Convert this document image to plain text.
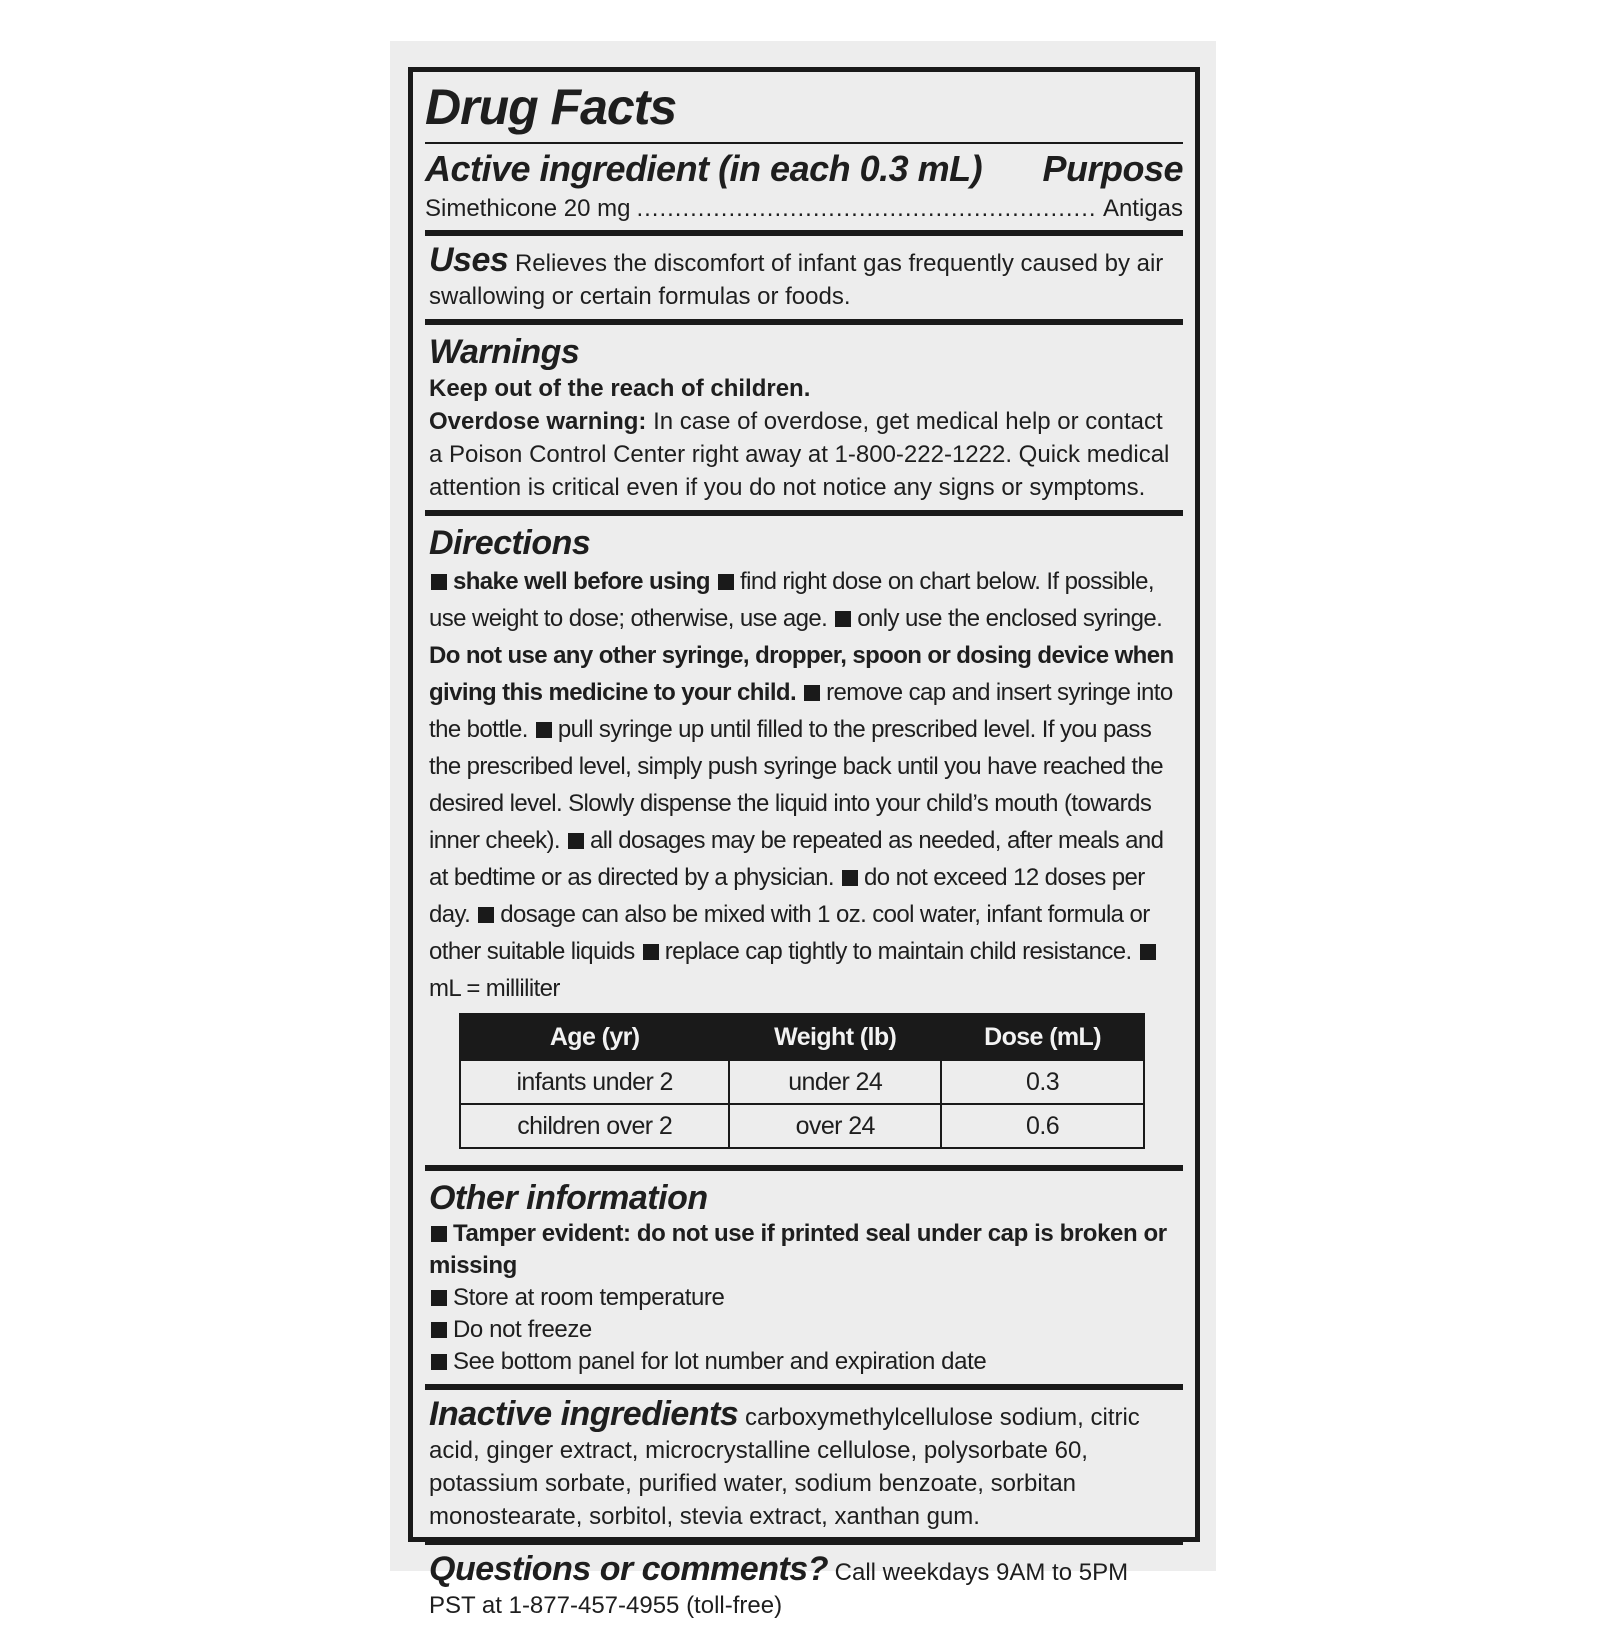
Drug Facts
Active ingredient (in each 0.3 mL) Purpose
Simethicone 20 mg .....	Antigas
Uses Relieves the discomfort of infant gas frequently caused by air swallowing or certain formulas or foods.
Warnings
Keep out of the reach of children.
Overdose warning: In case of overdose, get medical help or contact a Poison Control Center right away at 1-800-222-1222. Quick medical attention is critical even if you do not notice any signs or symptoms.
Directions
shake well before using find right dose on chart below. If possible, use weight to dose; otherwise, use age. only use the enclosed syringe. Do not use any other syringe, dropper, spoon or dosing device when giving this medicine to your child. remove cap and insert syringe into the bottle. pull syringe up until filled to the prescribed level. If you pass the prescribed level, simply push syringe back until you have reached the desired level. Slowly dispense the liquid into your child’s mouth (towards inner cheek). all dosages may be repeated as needed, after meals and at bedtime or as directed by a physician. do not exceed 12 doses per day. dosage can also be mixed with 1 oz. cool water, infant formula or other suitable liquids replace cap tightly to maintain child resistance. mL = milliliter
Age (yr)	Weight (lb)	Dose (mL)
infants under 2	under 24	0.3
children over 2	over 24	0.6
Other information
Tamper evident: do not use if printed seal under cap is broken or missing
Store at room temperature
Do not freeze
See bottom panel for lot number and expiration date
Inactive ingredients carboxymethylcellulose sodium, citric acid, ginger extract, microcrystalline cellulose, polysorbate 60, potassium sorbate, purified water, sodium benzoate, sorbitan monostearate, sorbitol, stevia extract, xanthan gum.
Questions or comments? Call weekdays 9AM to 5PM PST at 1-877-457-4955 (toll-free)
